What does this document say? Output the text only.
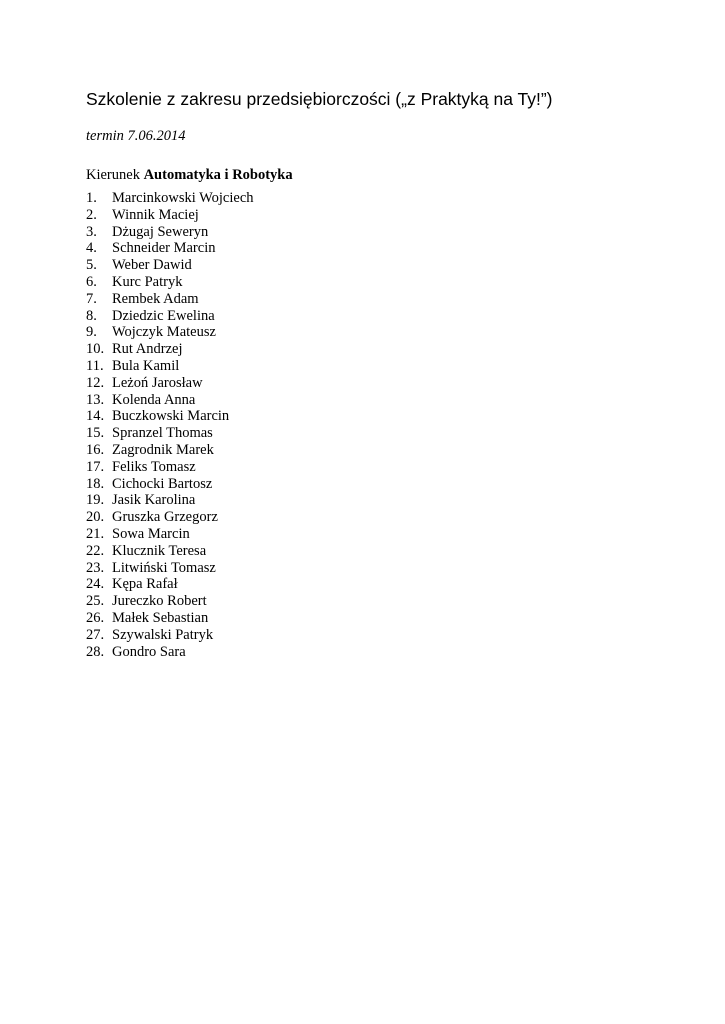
Szkolenie z zakresu przedsiębiorczości („z Praktyką na Ty!”)
termin 7.06.2014
Kierunek Automatyka i Robotyka
1. Marcinkowski Wojciech
2. Winnik Maciej
3. Dżugaj Seweryn
4. Schneider Marcin
5. Weber Dawid
6. Kurc Patryk
7. Rembek Adam
8. Dziedzic Ewelina
9. Wojczyk Mateusz
10. Rut Andrzej
11. Bula Kamil
12. Leżoń Jarosław
13. Kolenda Anna
14. Buczkowski Marcin
15. Spranzel Thomas
16. Zagrodnik Marek
17. Feliks Tomasz
18. Cichocki Bartosz
19. Jasik Karolina
20. Gruszka Grzegorz
21. Sowa Marcin
22. Klucznik Teresa
23. Litwiński Tomasz
24. Kępa Rafał
25. Jureczko Robert
26. Małek Sebastian
27. Szywalski Patryk
28. Gondro Sara
